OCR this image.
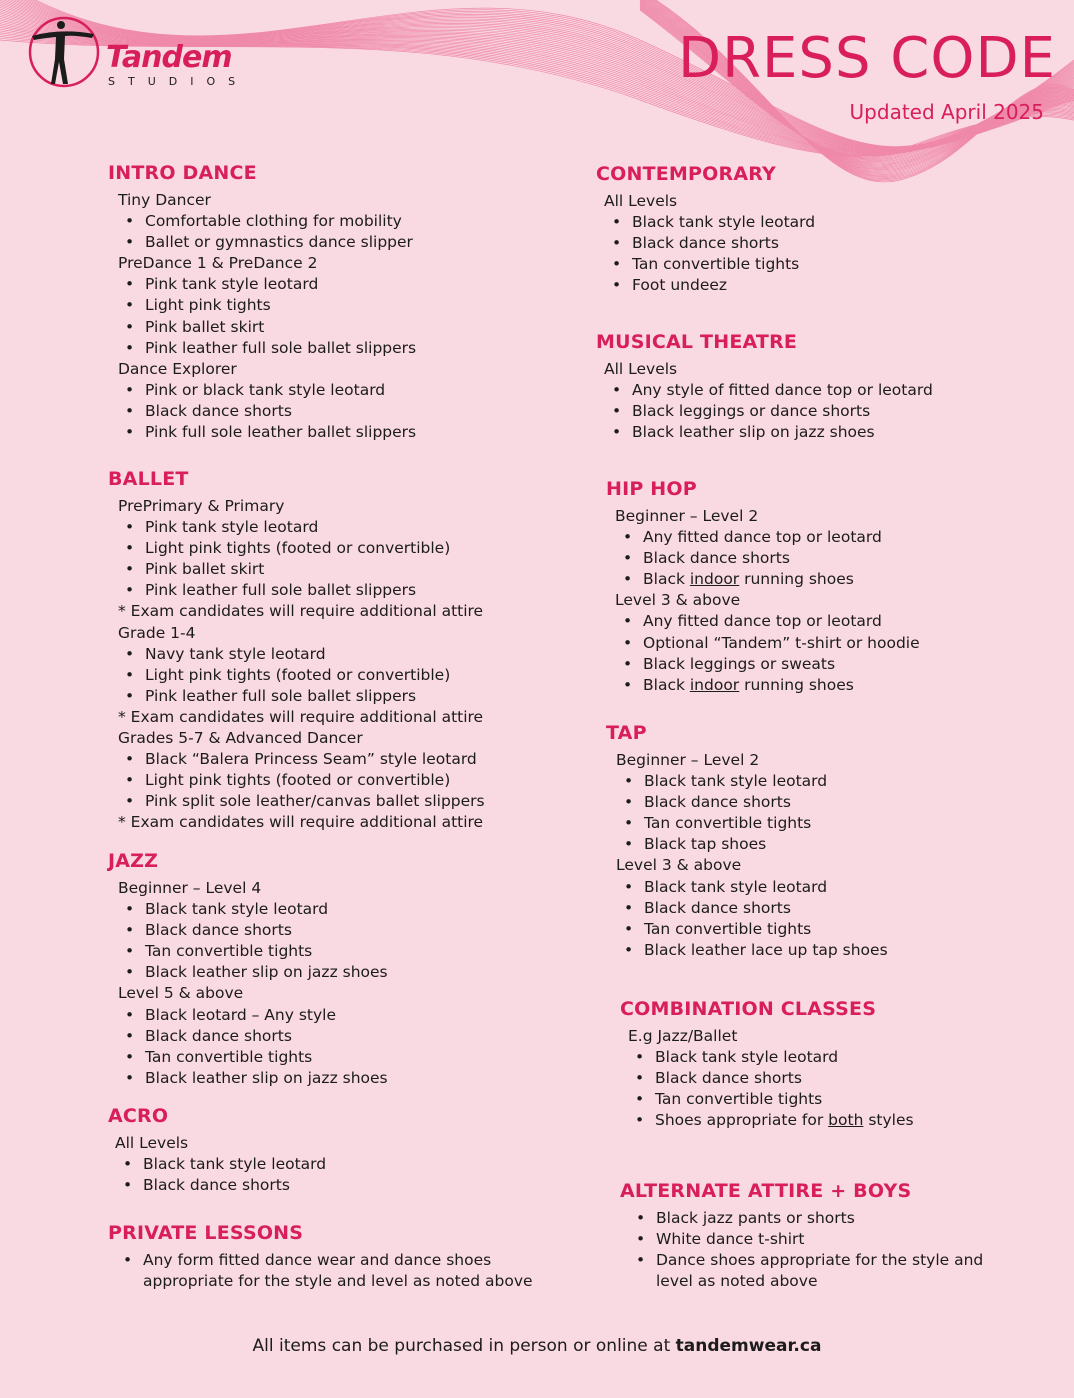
Tandem
STUDIOS	DRESS CODE
Updated April 2025
INTRO DANCE
Tiny Dancer
• Comfortable clothing for mobility
• Ballet or gymnastics dance slipper
PreDance 1 & PreDance 2
• Pink tank style leotard
• Light pink tights
• Pink ballet skirt
• Pink leather full sole ballet slippers
Dance Explorer
• Pink or black tank style leotard
• Black dance shorts
• Pink full sole leather ballet slippers
BALLET
PrePrimary & Primary
• Pink tank style leotard
• Light pink tights (footed or convertible)
• Pink ballet skirt
• Pink leather full sole ballet slippers
* Exam candidates will require additional attire
Grade 1-4
• Navy tank style leotard
• Light pink tights (footed or convertible)
• Pink leather full sole ballet slippers
* Exam candidates will require additional attire
Grades 5-7 & Advanced Dancer
• Black “Balera Princess Seam” style leotard
• Light pink tights (footed or convertible)
• Pink split sole leather/canvas ballet slippers
* Exam candidates will require additional attire
JAZZ
Beginner – Level 4
• Black tank style leotard
• Black dance shorts
• Tan convertible tights
• Black leather slip on jazz shoes
Level 5 & above
• Black leotard – Any style
• Black dance shorts
• Tan convertible tights
• Black leather slip on jazz shoes
ACRO
All Levels
• Black tank style leotard
• Black dance shorts
PRIVATE LESSONS
• Any form fitted dance wear and dance shoes appropriate for the style and level as noted above
CONTEMPORARY
All Levels
• Black tank style leotard
• Black dance shorts
• Tan convertible tights
• Foot undeez
MUSICAL THEATRE
All Levels
• Any style of fitted dance top or leotard
• Black leggings or dance shorts
• Black leather slip on jazz shoes
HIP HOP
Beginner – Level 2
• Any fitted dance top or leotard
• Black dance shorts
• Black indoor running shoes
Level 3 & above
• Any fitted dance top or leotard
• Optional “Tandem” t-shirt or hoodie
• Black leggings or sweats
• Black indoor running shoes
TAP
Beginner – Level 2
• Black tank style leotard
• Black dance shorts
• Tan convertible tights
• Black tap shoes
Level 3 & above
• Black tank style leotard
• Black dance shorts
• Tan convertible tights
• Black leather lace up tap shoes
COMBINATION CLASSES
E.g Jazz/Ballet
• Black tank style leotard
• Black dance shorts
• Tan convertible tights
• Shoes appropriate for both styles
ALTERNATE ATTIRE + BOYS
• Black jazz pants or shorts
• White dance t-shirt
• Dance shoes appropriate for the style and level as noted above
All items can be purchased in person or online at tandemwear.ca
